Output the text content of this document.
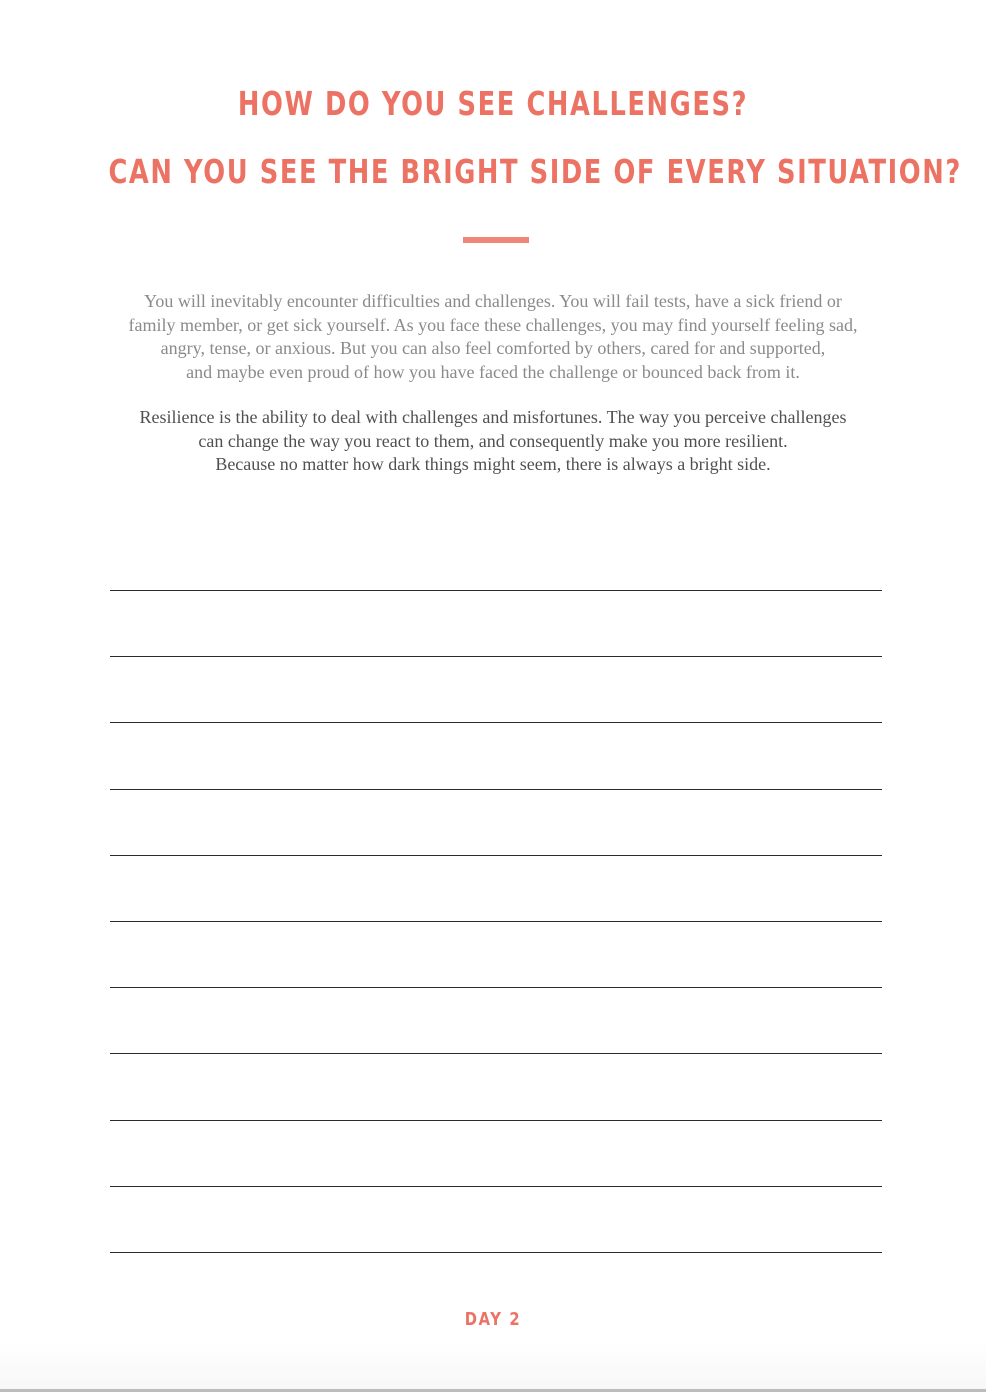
HOW DO YOU SEE CHALLENGES?
CAN YOU SEE THE BRIGHT SIDE OF EVERY SITUATION?

You will inevitably encounter difficulties and challenges. You will fail tests, have a sick friend or
family member, or get sick yourself. As you face these challenges, you may find yourself feeling sad,
angry, tense, or anxious. But you can also feel comforted by others, cared for and supported,
and maybe even proud of how you have faced the challenge or bounced back from it.

Resilience is the ability to deal with challenges and misfortunes. The way you perceive challenges
can change the way you react to them, and consequently make you more resilient.
Because no matter how dark things might seem, there is always a bright side.

DAY 2
